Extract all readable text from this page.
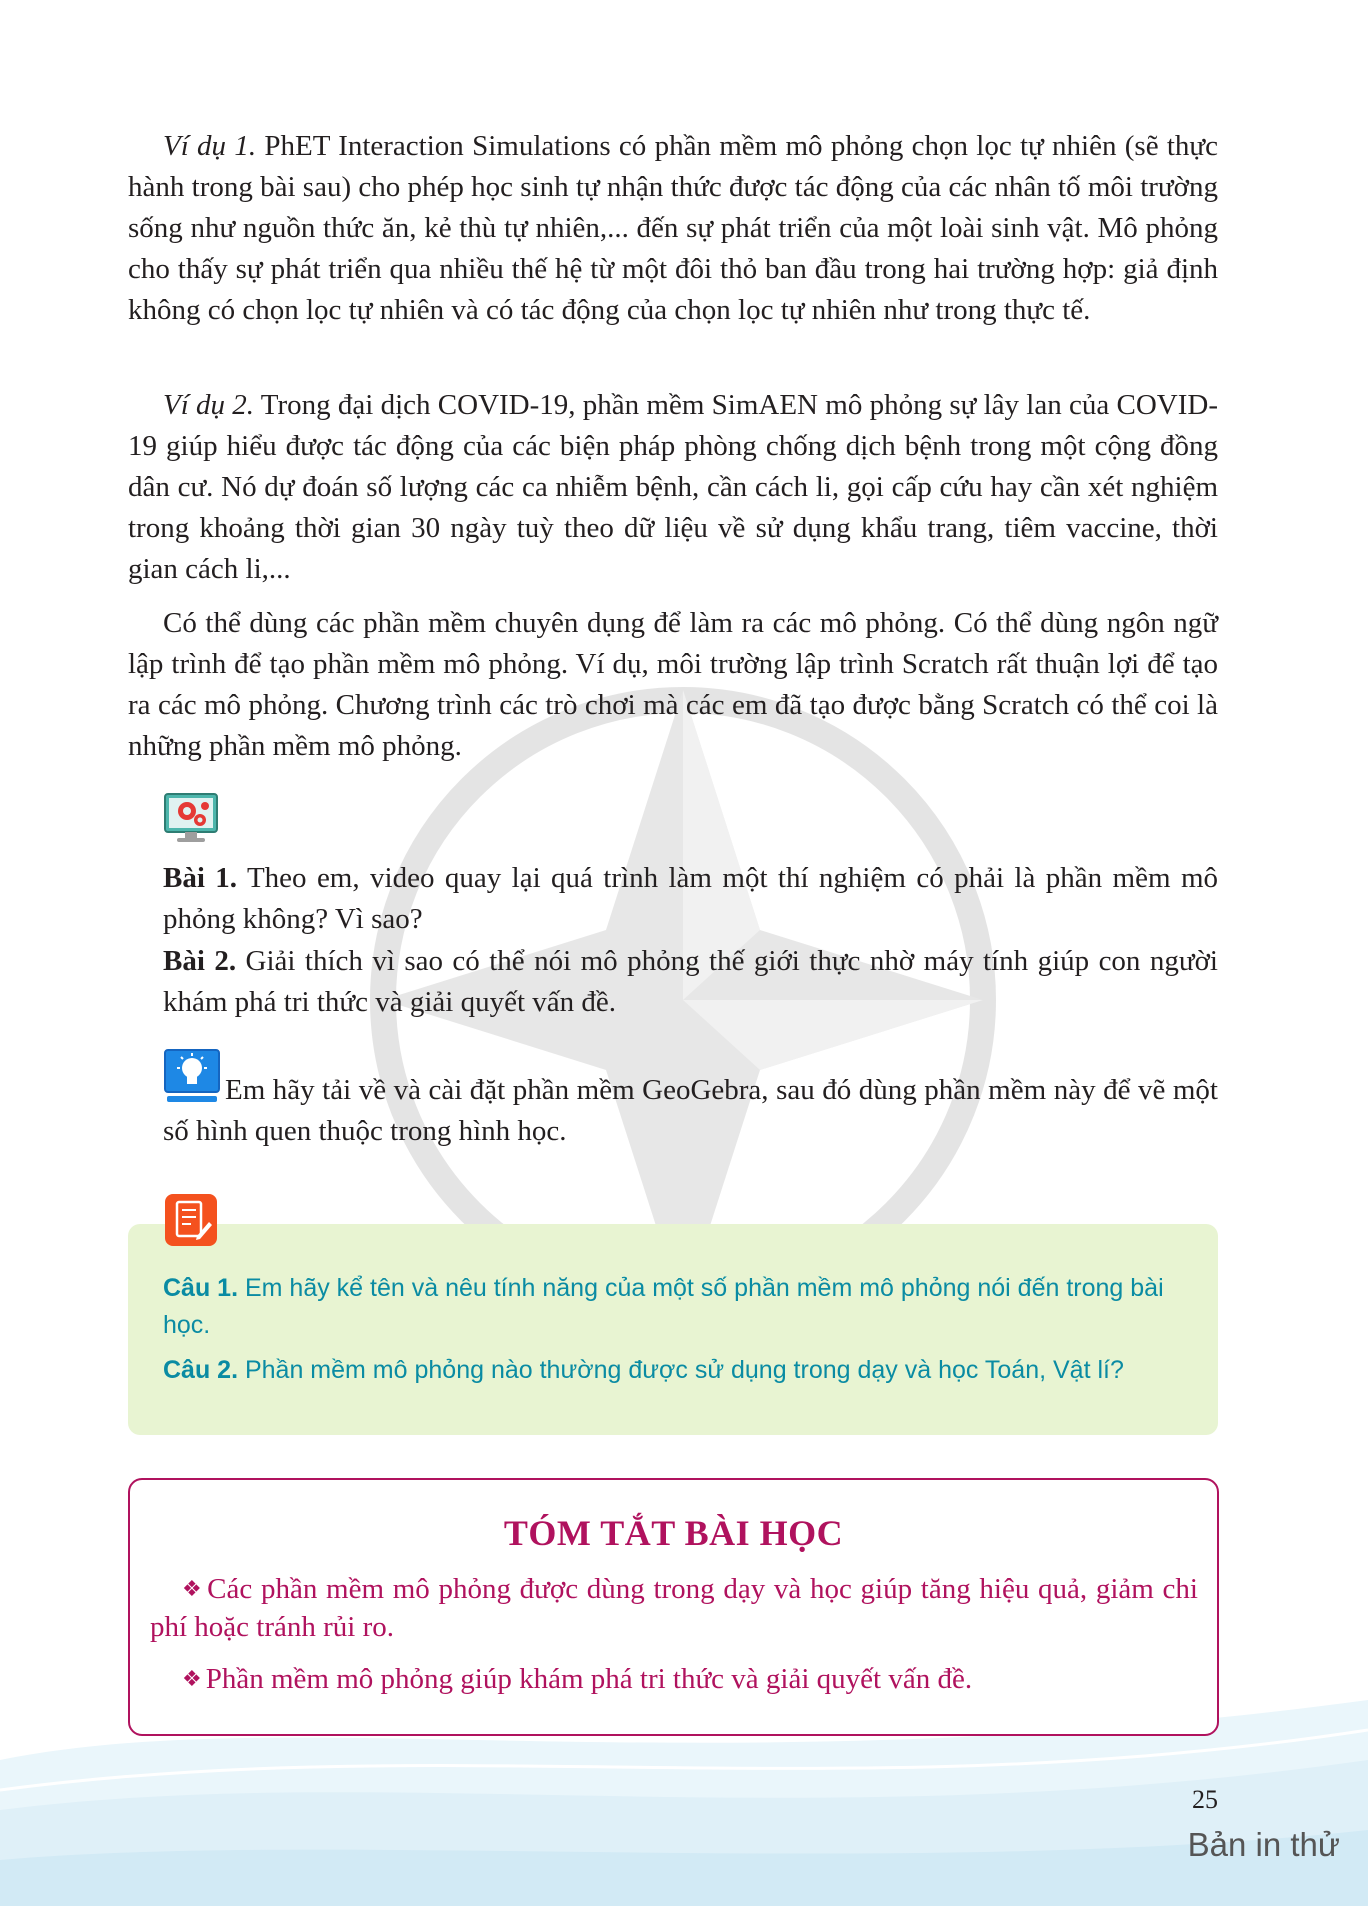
Ví dụ 1. PhET Interaction Simulations có phần mềm mô phỏng chọn lọc tự nhiên (sẽ thực hành trong bài sau) cho phép học sinh tự nhận thức được tác động của các nhân tố môi trường sống như nguồn thức ăn, kẻ thù tự nhiên,... đến sự phát triển của một loài sinh vật. Mô phỏng cho thấy sự phát triển qua nhiều thế hệ từ một đôi thỏ ban đầu trong hai trường hợp: giả định không có chọn lọc tự nhiên và có tác động của chọn lọc tự nhiên như trong thực tế.

Ví dụ 2. Trong đại dịch COVID-19, phần mềm SimAEN mô phỏng sự lây lan của COVID-19 giúp hiểu được tác động của các biện pháp phòng chống dịch bệnh trong một cộng đồng dân cư. Nó dự đoán số lượng các ca nhiễm bệnh, cần cách li, gọi cấp cứu hay cần xét nghiệm trong khoảng thời gian 30 ngày tuỳ theo dữ liệu về sử dụng khẩu trang, tiêm vaccine, thời gian cách li,...

Có thể dùng các phần mềm chuyên dụng để làm ra các mô phỏng. Có thể dùng ngôn ngữ lập trình để tạo phần mềm mô phỏng. Ví dụ, môi trường lập trình Scratch rất thuận lợi để tạo ra các mô phỏng. Chương trình các trò chơi mà các em đã tạo được bằng Scratch có thể coi là những phần mềm mô phỏng.

Bài 1. Theo em, video quay lại quá trình làm một thí nghiệm có phải là phần mềm mô phỏng không? Vì sao?

Bài 2. Giải thích vì sao có thể nói mô phỏng thế giới thực nhờ máy tính giúp con người khám phá tri thức và giải quyết vấn đề.

Em hãy tải về và cài đặt phần mềm GeoGebra, sau đó dùng phần mềm này để vẽ một số hình quen thuộc trong hình học.

Câu 1. Em hãy kể tên và nêu tính năng của một số phần mềm mô phỏng nói đến trong bài học.

Câu 2. Phần mềm mô phỏng nào thường được sử dụng trong dạy và học Toán, Vật lí?

TÓM TẮT BÀI HỌC

❖ Các phần mềm mô phỏng được dùng trong dạy và học giúp tăng hiệu quả, giảm chi phí hoặc tránh rủi ro.

❖ Phần mềm mô phỏng giúp khám phá tri thức và giải quyết vấn đề.

25

Bản in thử
